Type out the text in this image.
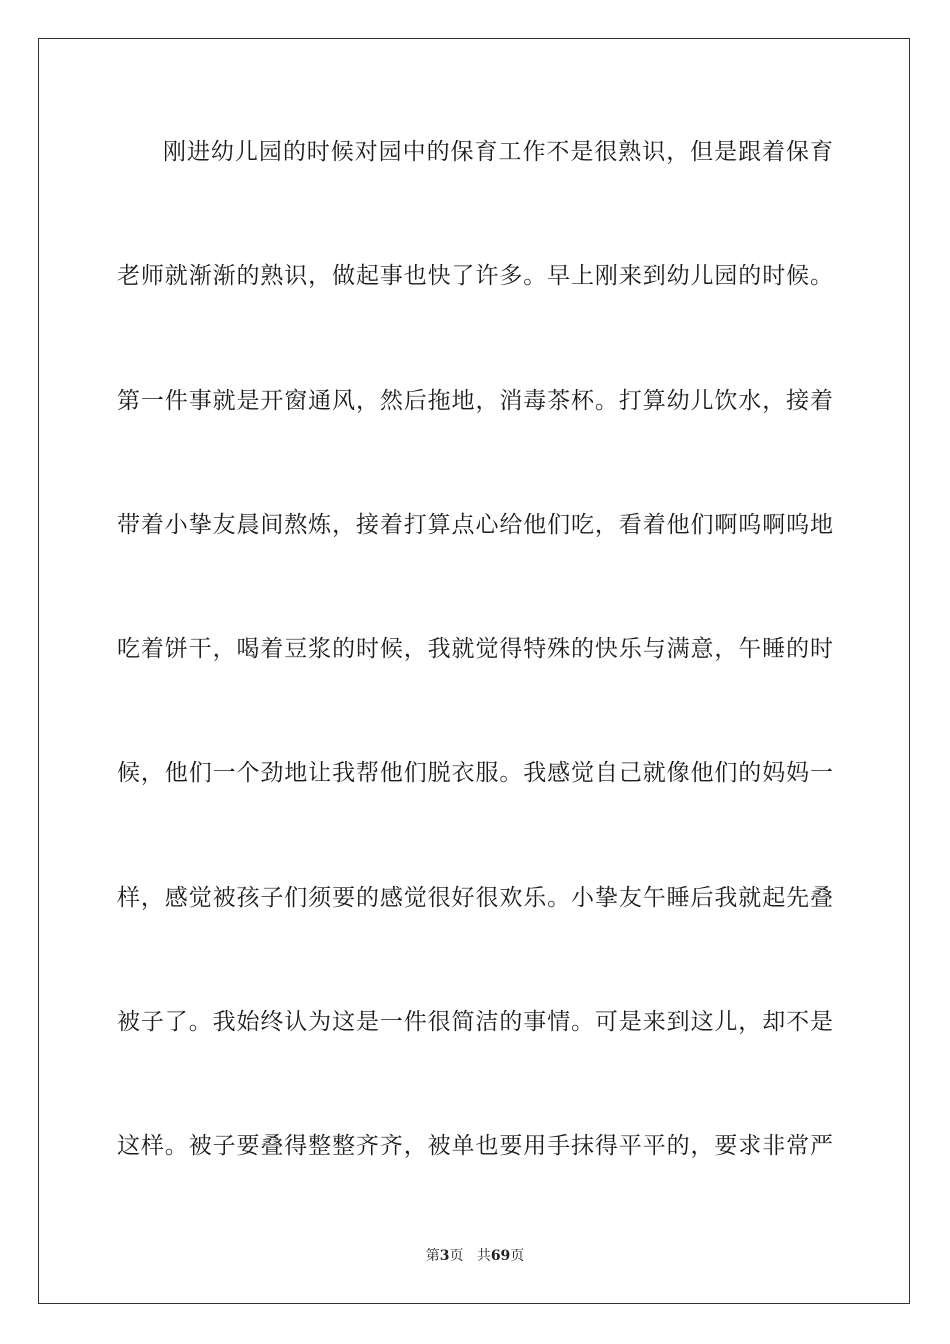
刚进幼儿园的时候对园中的保育工作不是很熟识，但是跟着保育
老师就渐渐的熟识，做起事也快了许多。早上刚来到幼儿园的时候。
第一件事就是开窗通风，然后拖地，消毒茶杯。打算幼儿饮水，接着
带着小挚友晨间熬炼，接着打算点心给他们吃，看着他们啊呜啊呜地
吃着饼干，喝着豆浆的时候，我就觉得特殊的快乐与满意，午睡的时
候，他们一个劲地让我帮他们脱衣服。我感觉自己就像他们的妈妈一
样，感觉被孩子们须要的感觉很好很欢乐。小挚友午睡后我就起先叠
被子了。我始终认为这是一件很简洁的事情。可是来到这儿，却不是
这样。被子要叠得整整齐齐，被单也要用手抹得平平的，要求非常严
第3页 共69页
